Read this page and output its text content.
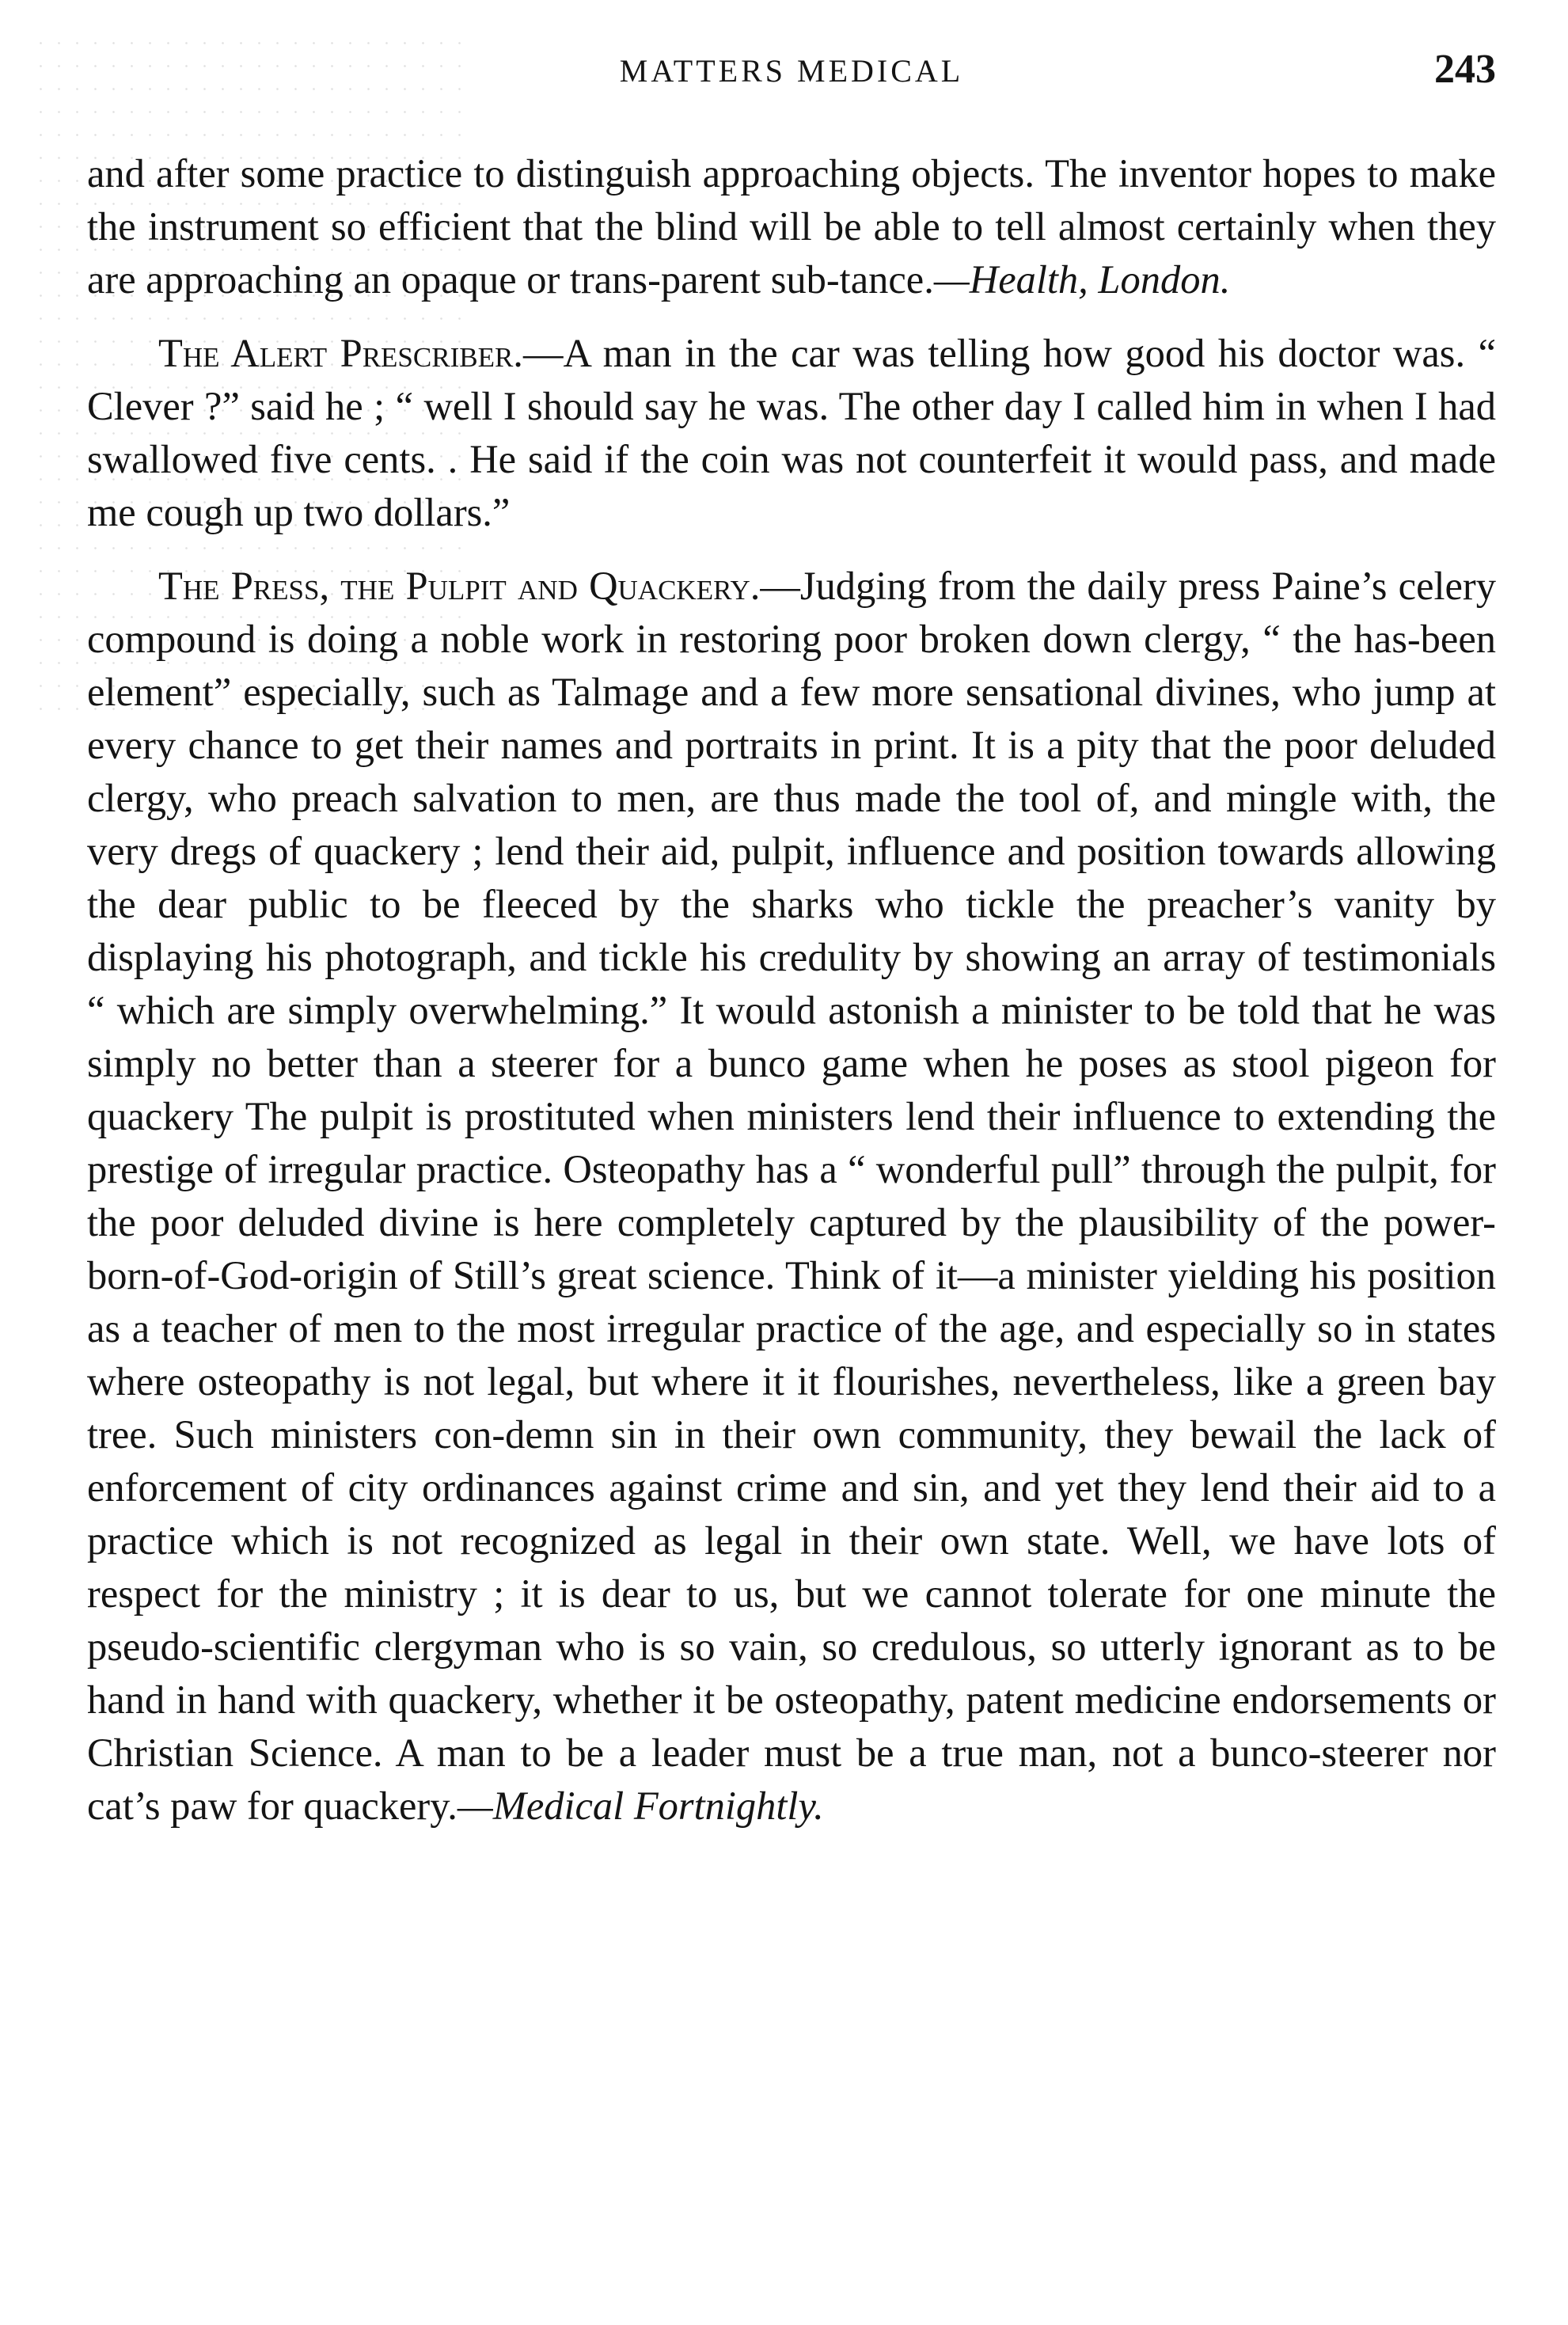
MATTERS MEDICAL	243

and after some practice to distinguish approaching objects. The inventor hopes to make the instrument so efficient that the blind will be able to tell almost certainly when they are approaching an opaque or trans-parent sub-tance.—Health, London.

The Alert Prescriber.—A man in the car was telling how good his doctor was. “ Clever ?” said he ; “ well I should say he was. The other day I called him in when I had swallowed five cents. . He said if the coin was not counterfeit it would pass, and made me cough up two dollars.”

The Press, the Pulpit and Quackery.—Judging from the daily press Paine’s celery compound is doing a noble work in restoring poor broken down clergy, “ the has-been element” especially, such as Talmage and a few more sensational divines, who jump at every chance to get their names and portraits in print. It is a pity that the poor deluded clergy, who preach salvation to men, are thus made the tool of, and mingle with, the very dregs of quackery ; lend their aid, pulpit, influence and position towards allowing the dear public to be fleeced by the sharks who tickle the preacher’s vanity by displaying his photograph, and tickle his credulity by showing an array of testimonials “ which are simply overwhelming.” It would astonish a minister to be told that he was simply no better than a steerer for a bunco game when he poses as stool pigeon for quackery The pulpit is prostituted when ministers lend their influence to extending the prestige of irregular practice. Osteopathy has a “ wonderful pull” through the pulpit, for the poor deluded divine is here completely captured by the plausibility of the power-born-of-God-origin of Still’s great science. Think of it—a minister yielding his position as a teacher of men to the most irregular practice of the age, and especially so in states where osteopathy is not legal, but where it it flourishes, nevertheless, like a green bay tree. Such ministers con-demn sin in their own community, they bewail the lack of enforcement of city ordinances against crime and sin, and yet they lend their aid to a practice which is not recognized as legal in their own state. Well, we have lots of respect for the ministry ; it is dear to us, but we cannot tolerate for one minute the pseudo-scientific clergyman who is so vain, so credulous, so utterly ignorant as to be hand in hand with quackery, whether it be osteopathy, patent medicine endorsements or Christian Science. A man to be a leader must be a true man, not a bunco-steerer nor cat’s paw for quackery.—Medical Fortnightly.
